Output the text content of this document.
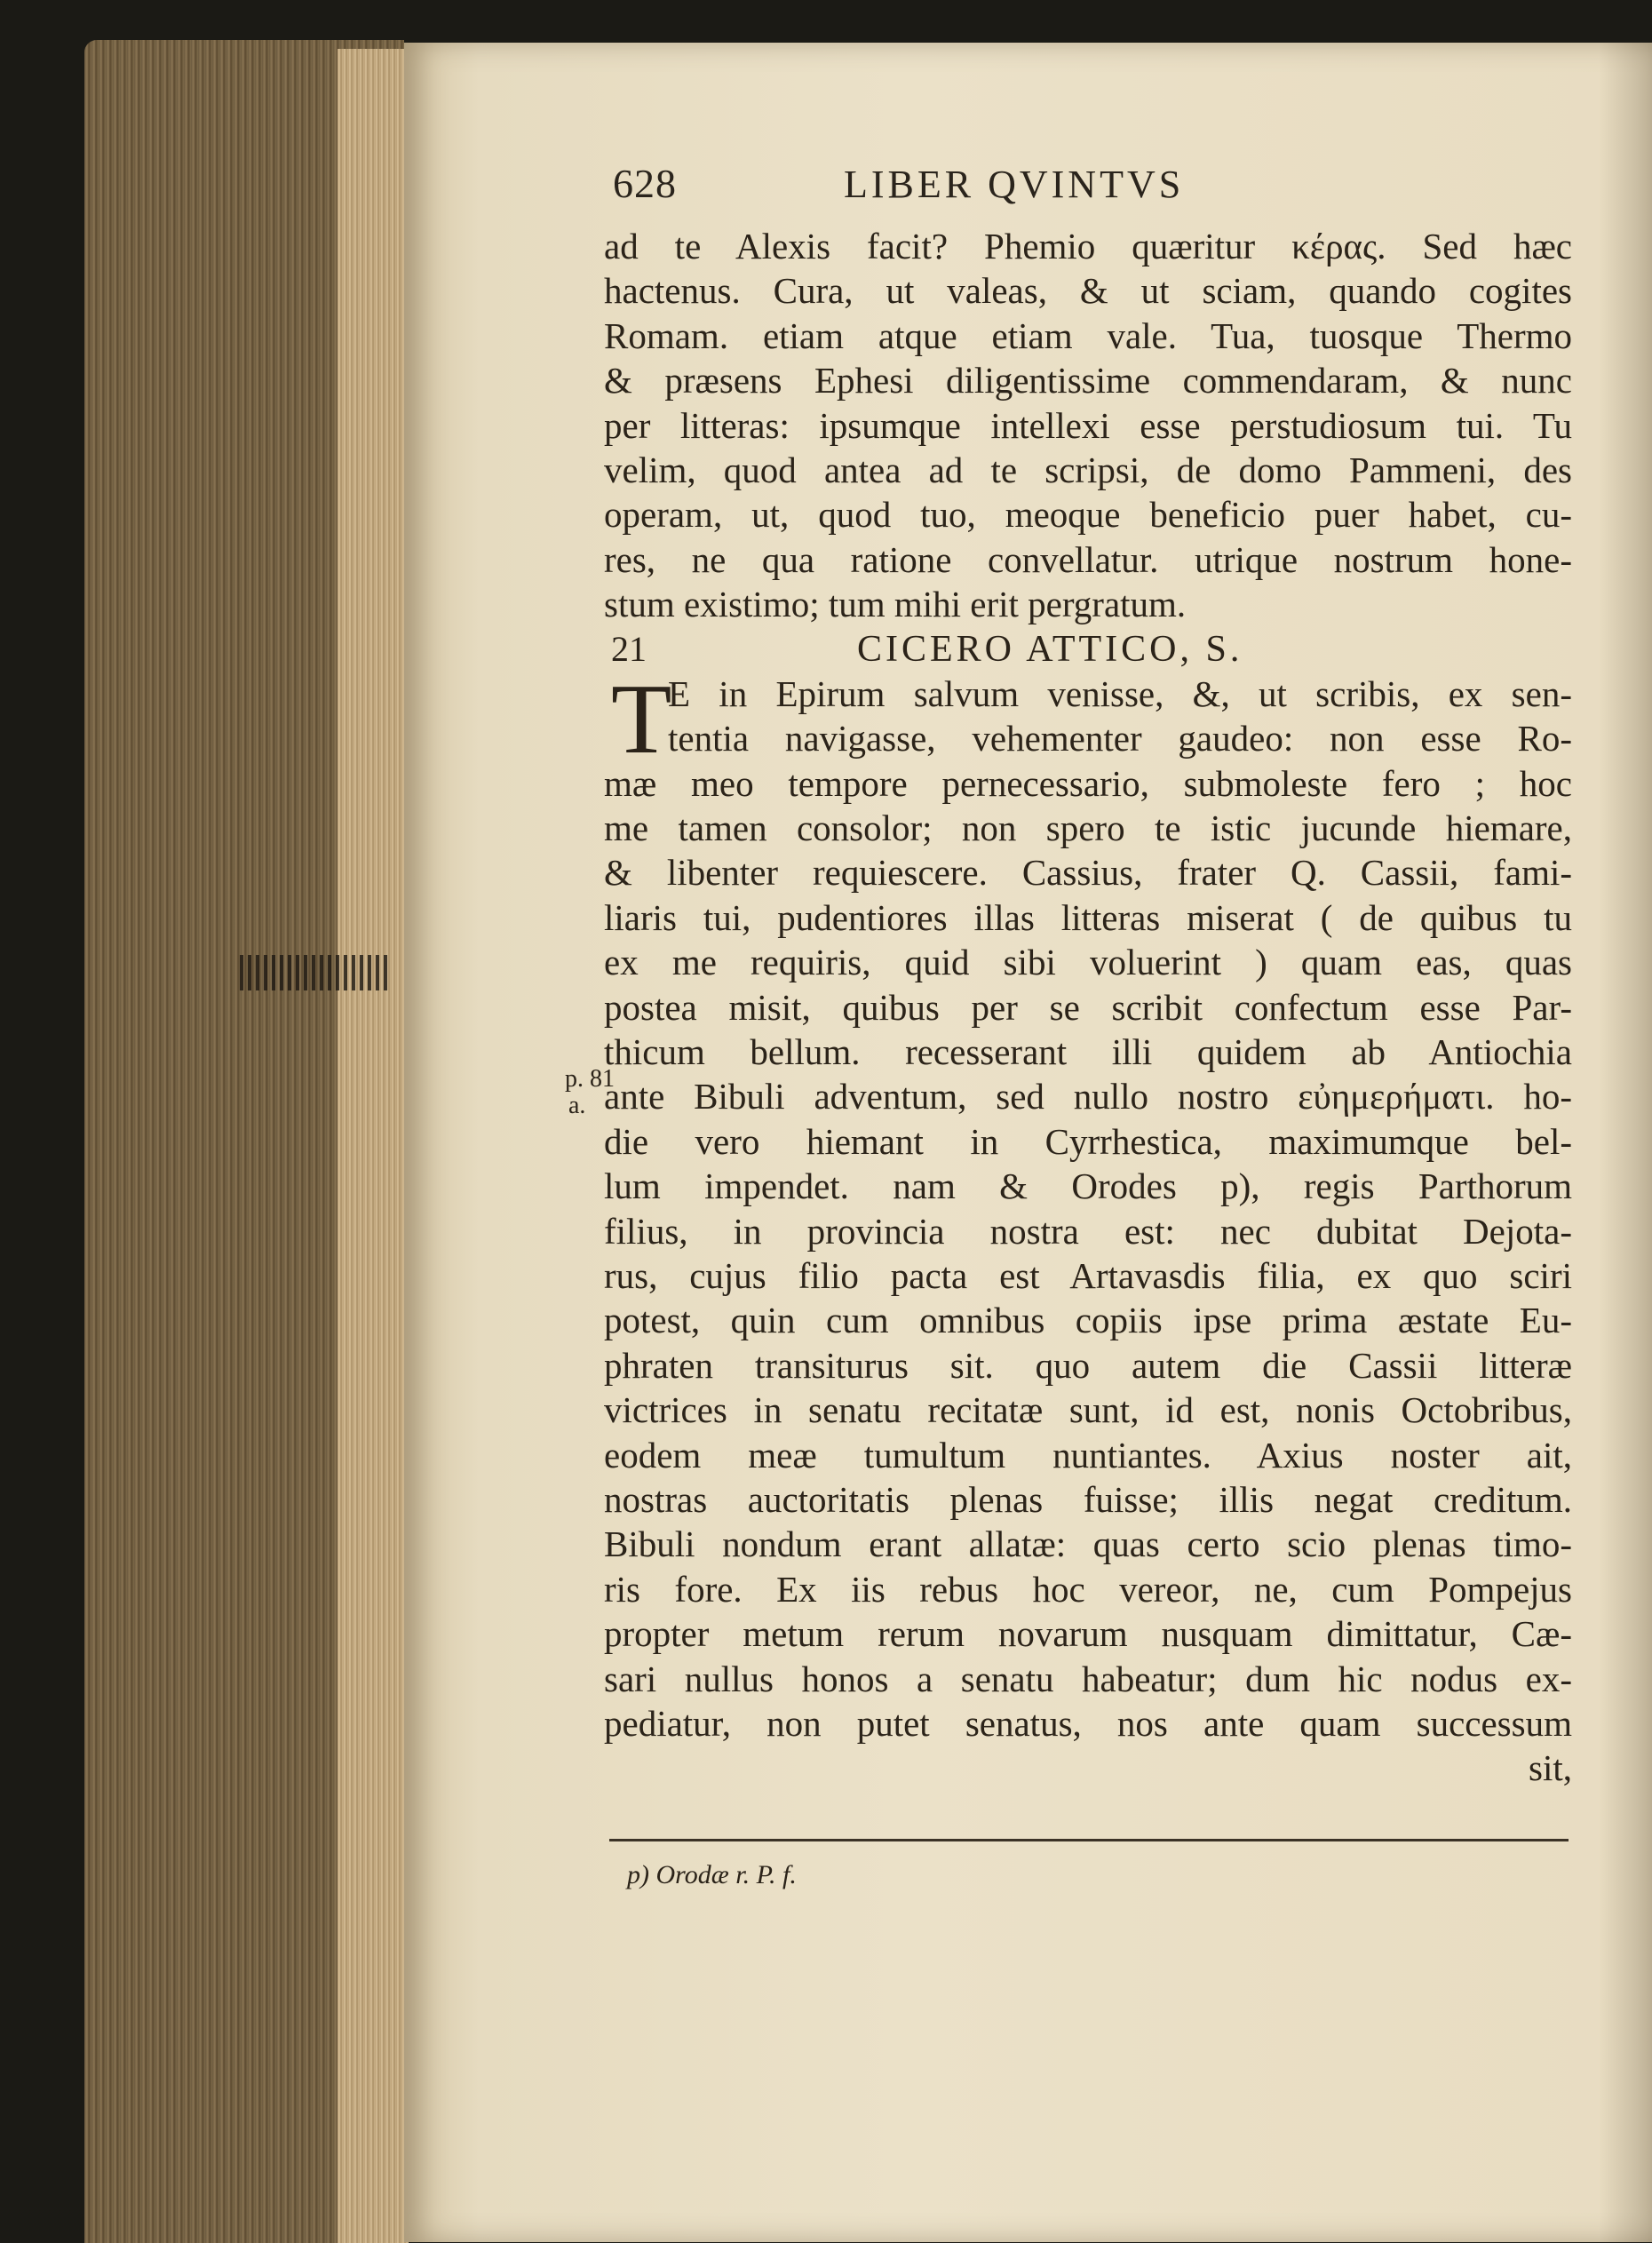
628	LIBER QVINTVS
ad te Alexis facit? Phemio quæritur κέρας. Sed hæc
hactenus. Cura, ut valeas, & ut sciam, quando cogites
Romam. etiam atque etiam vale. Tua, tuosque Thermo
& præsens Ephesi diligentissime commendaram, & nunc
per litteras: ipsumque intellexi esse perstudiosum tui. Tu
velim, quod antea ad te scripsi, de domo Pammeni, des
operam, ut, quod tuo, meoque beneficio puer habet, cu-
res, ne qua ratione convellatur. utrique nostrum hone-
stum existimo; tum mihi erit pergratum.
21	CICERO ATTICO, S.
T
E in Epirum salvum venisse, &, ut scribis, ex sen-
tentia navigasse, vehementer gaudeo: non esse Ro-
mæ meo tempore pernecessario, submoleste fero ; hoc
me tamen consolor; non spero te istic jucunde hiemare,
& libenter requiescere. Cassius, frater Q. Cassii, fami-
liaris tui, pudentiores illas litteras miserat ( de quibus tu
ex me requiris, quid sibi voluerint ) quam eas, quas
postea misit, quibus per se scribit confectum esse Par-
thicum bellum. recesserant illi quidem ab Antiochia
ante Bibuli adventum, sed nullo nostro εὐημερήματι. ho-
die vero hiemant in Cyrrhestica, maximumque bel-
lum impendet. nam & Orodes p), regis Parthorum
filius, in provincia nostra est: nec dubitat Dejota-
rus, cujus filio pacta est Artavasdis filia, ex quo sciri
potest, quin cum omnibus copiis ipse prima æstate Eu-
phraten transiturus sit. quo autem die Cassii litteræ
victrices in senatu recitatæ sunt, id est, nonis Octobribus,
eodem meæ tumultum nuntiantes. Axius noster ait,
nostras auctoritatis plenas fuisse; illis negat creditum.
Bibuli nondum erant allatæ: quas certo scio plenas timo-
ris fore. Ex iis rebus hoc vereor, ne, cum Pompejus
propter metum rerum novarum nusquam dimittatur, Cæ-
sari nullus honos a senatu habeatur; dum hic nodus ex-
pediatur, non putet senatus, nos ante quam successum
sit,
p. 81
a.
p) Orodæ r. P. f.
